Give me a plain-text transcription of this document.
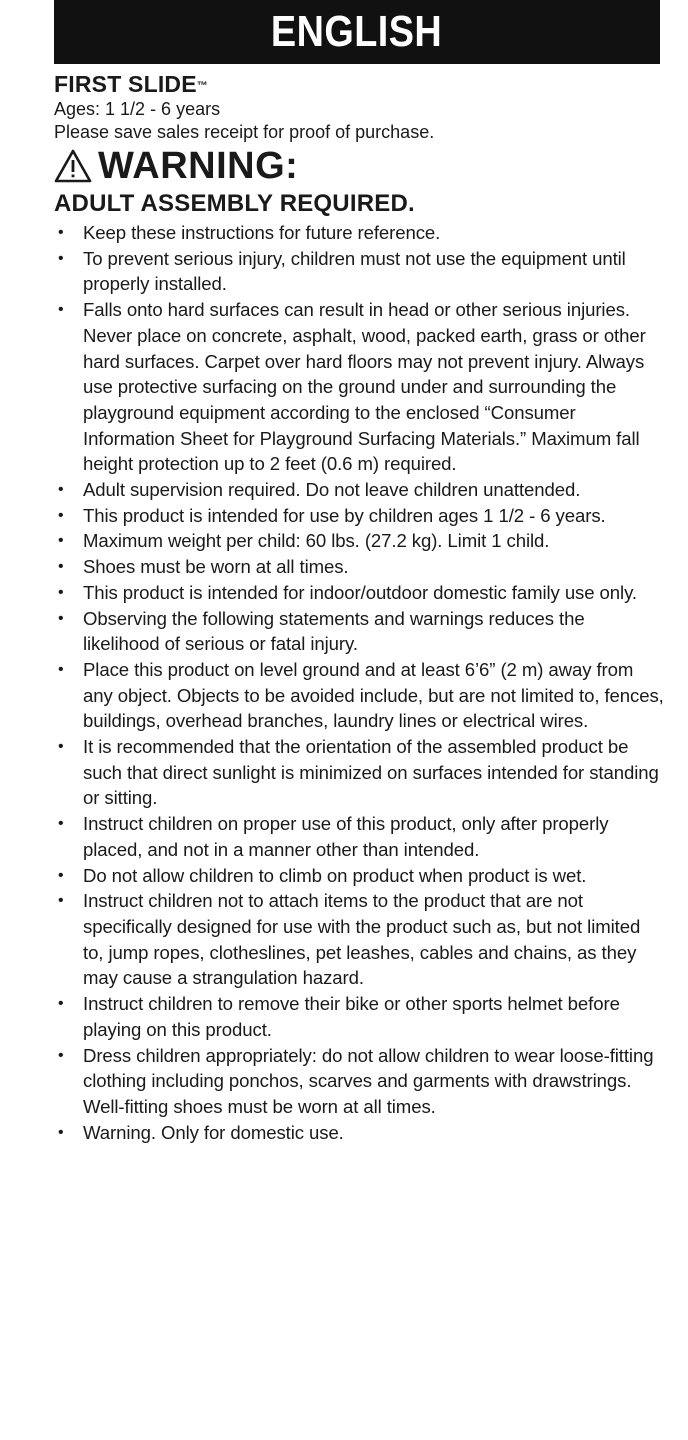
ENGLISH

FIRST SLIDE™

Ages: 1 1/2 - 6 years

Please save sales receipt for proof of purchase.

WARNING:

ADULT ASSEMBLY REQUIRED.

• Keep these instructions for future reference.
• To prevent serious injury, children must not use the equipment until properly installed.
• Falls onto hard surfaces can result in head or other serious injuries. Never place on concrete, asphalt, wood, packed earth, grass or other hard surfaces. Carpet over hard floors may not prevent injury. Always use protective surfacing on the ground under and surrounding the playground equipment according to the enclosed “Consumer Information Sheet for Playground Surfacing Materials.” Maximum fall height protection up to 2 feet (0.6 m) required.
• Adult supervision required. Do not leave children unattended.
• This product is intended for use by children ages 1 1/2 - 6 years.
• Maximum weight per child: 60 lbs. (27.2 kg). Limit 1 child.
• Shoes must be worn at all times.
• This product is intended for indoor/outdoor domestic family use only.
• Observing the following statements and warnings reduces the likelihood of serious or fatal injury.
• Place this product on level ground and at least 6’6” (2 m) away from any object. Objects to be avoided include, but are not limited to, fences, buildings, overhead branches, laundry lines or electrical wires.
• It is recommended that the orientation of the assembled product be such that direct sunlight is minimized on surfaces intended for standing or sitting.
• Instruct children on proper use of this product, only after properly placed, and not in a manner other than intended.
• Do not allow children to climb on product when product is wet.
• Instruct children not to attach items to the product that are not specifically designed for use with the product such as, but not limited to, jump ropes, clotheslines, pet leashes, cables and chains, as they may cause a strangulation hazard.
• Instruct children to remove their bike or other sports helmet before playing on this product.
• Dress children appropriately: do not allow children to wear loose-fitting clothing including ponchos, scarves and garments with drawstrings. Well-fitting shoes must be worn at all times.
• Warning. Only for domestic use.
